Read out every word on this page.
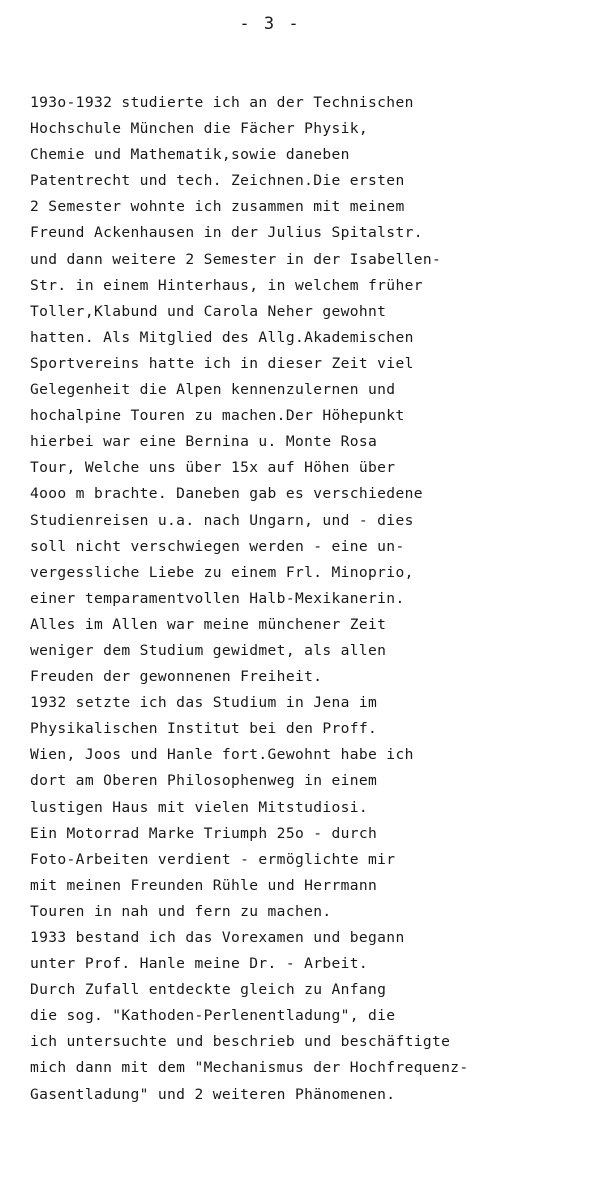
- 3 -
193o-1932 studierte ich an der Technischen
Hochschule München die Fächer Physik,
Chemie und Mathematik,sowie daneben
Patentrecht und tech. Zeichnen.Die ersten
2 Semester wohnte ich zusammen mit meinem
Freund Ackenhausen in der Julius Spitalstr.
und dann weitere 2 Semester in der Isabellen-
Str. in einem Hinterhaus, in welchem früher
Toller,Klabund und Carola Neher gewohnt
hatten. Als Mitglied des Allg.Akademischen
Sportvereins hatte ich in dieser Zeit viel
Gelegenheit die Alpen kennenzulernen und
hochalpine Touren zu machen.Der Höhepunkt
hierbei war eine Bernina u. Monte Rosa
Tour, Welche uns über 15x auf Höhen über
4ooo m brachte. Daneben gab es verschiedene
Studienreisen u.a. nach Ungarn, und - dies
soll nicht verschwiegen werden - eine un-
vergessliche Liebe zu einem Frl. Minoprio,
einer temparamentvollen Halb-Mexikanerin.
Alles im Allen war meine münchener Zeit
weniger dem Studium gewidmet, als allen
Freuden der gewonnenen Freiheit.
1932 setzte ich das Studium in Jena im
Physikalischen Institut bei den Proff.
Wien, Joos und Hanle fort.Gewohnt habe ich
dort am Oberen Philosophenweg in einem
lustigen Haus mit vielen Mitstudiosi.
Ein Motorrad Marke Triumph 25o - durch
Foto-Arbeiten verdient - ermöglichte mir
mit meinen Freunden Rühle und Herrmann
Touren in nah und fern zu machen.
1933 bestand ich das Vorexamen und begann
unter Prof. Hanle meine Dr. - Arbeit.
Durch Zufall entdeckte gleich zu Anfang
die sog. "Kathoden-Perlenentladung", die
ich untersuchte und beschrieb und beschäftigte
mich dann mit dem "Mechanismus der Hochfrequenz-
Gasentladung" und 2 weiteren Phänomenen.
